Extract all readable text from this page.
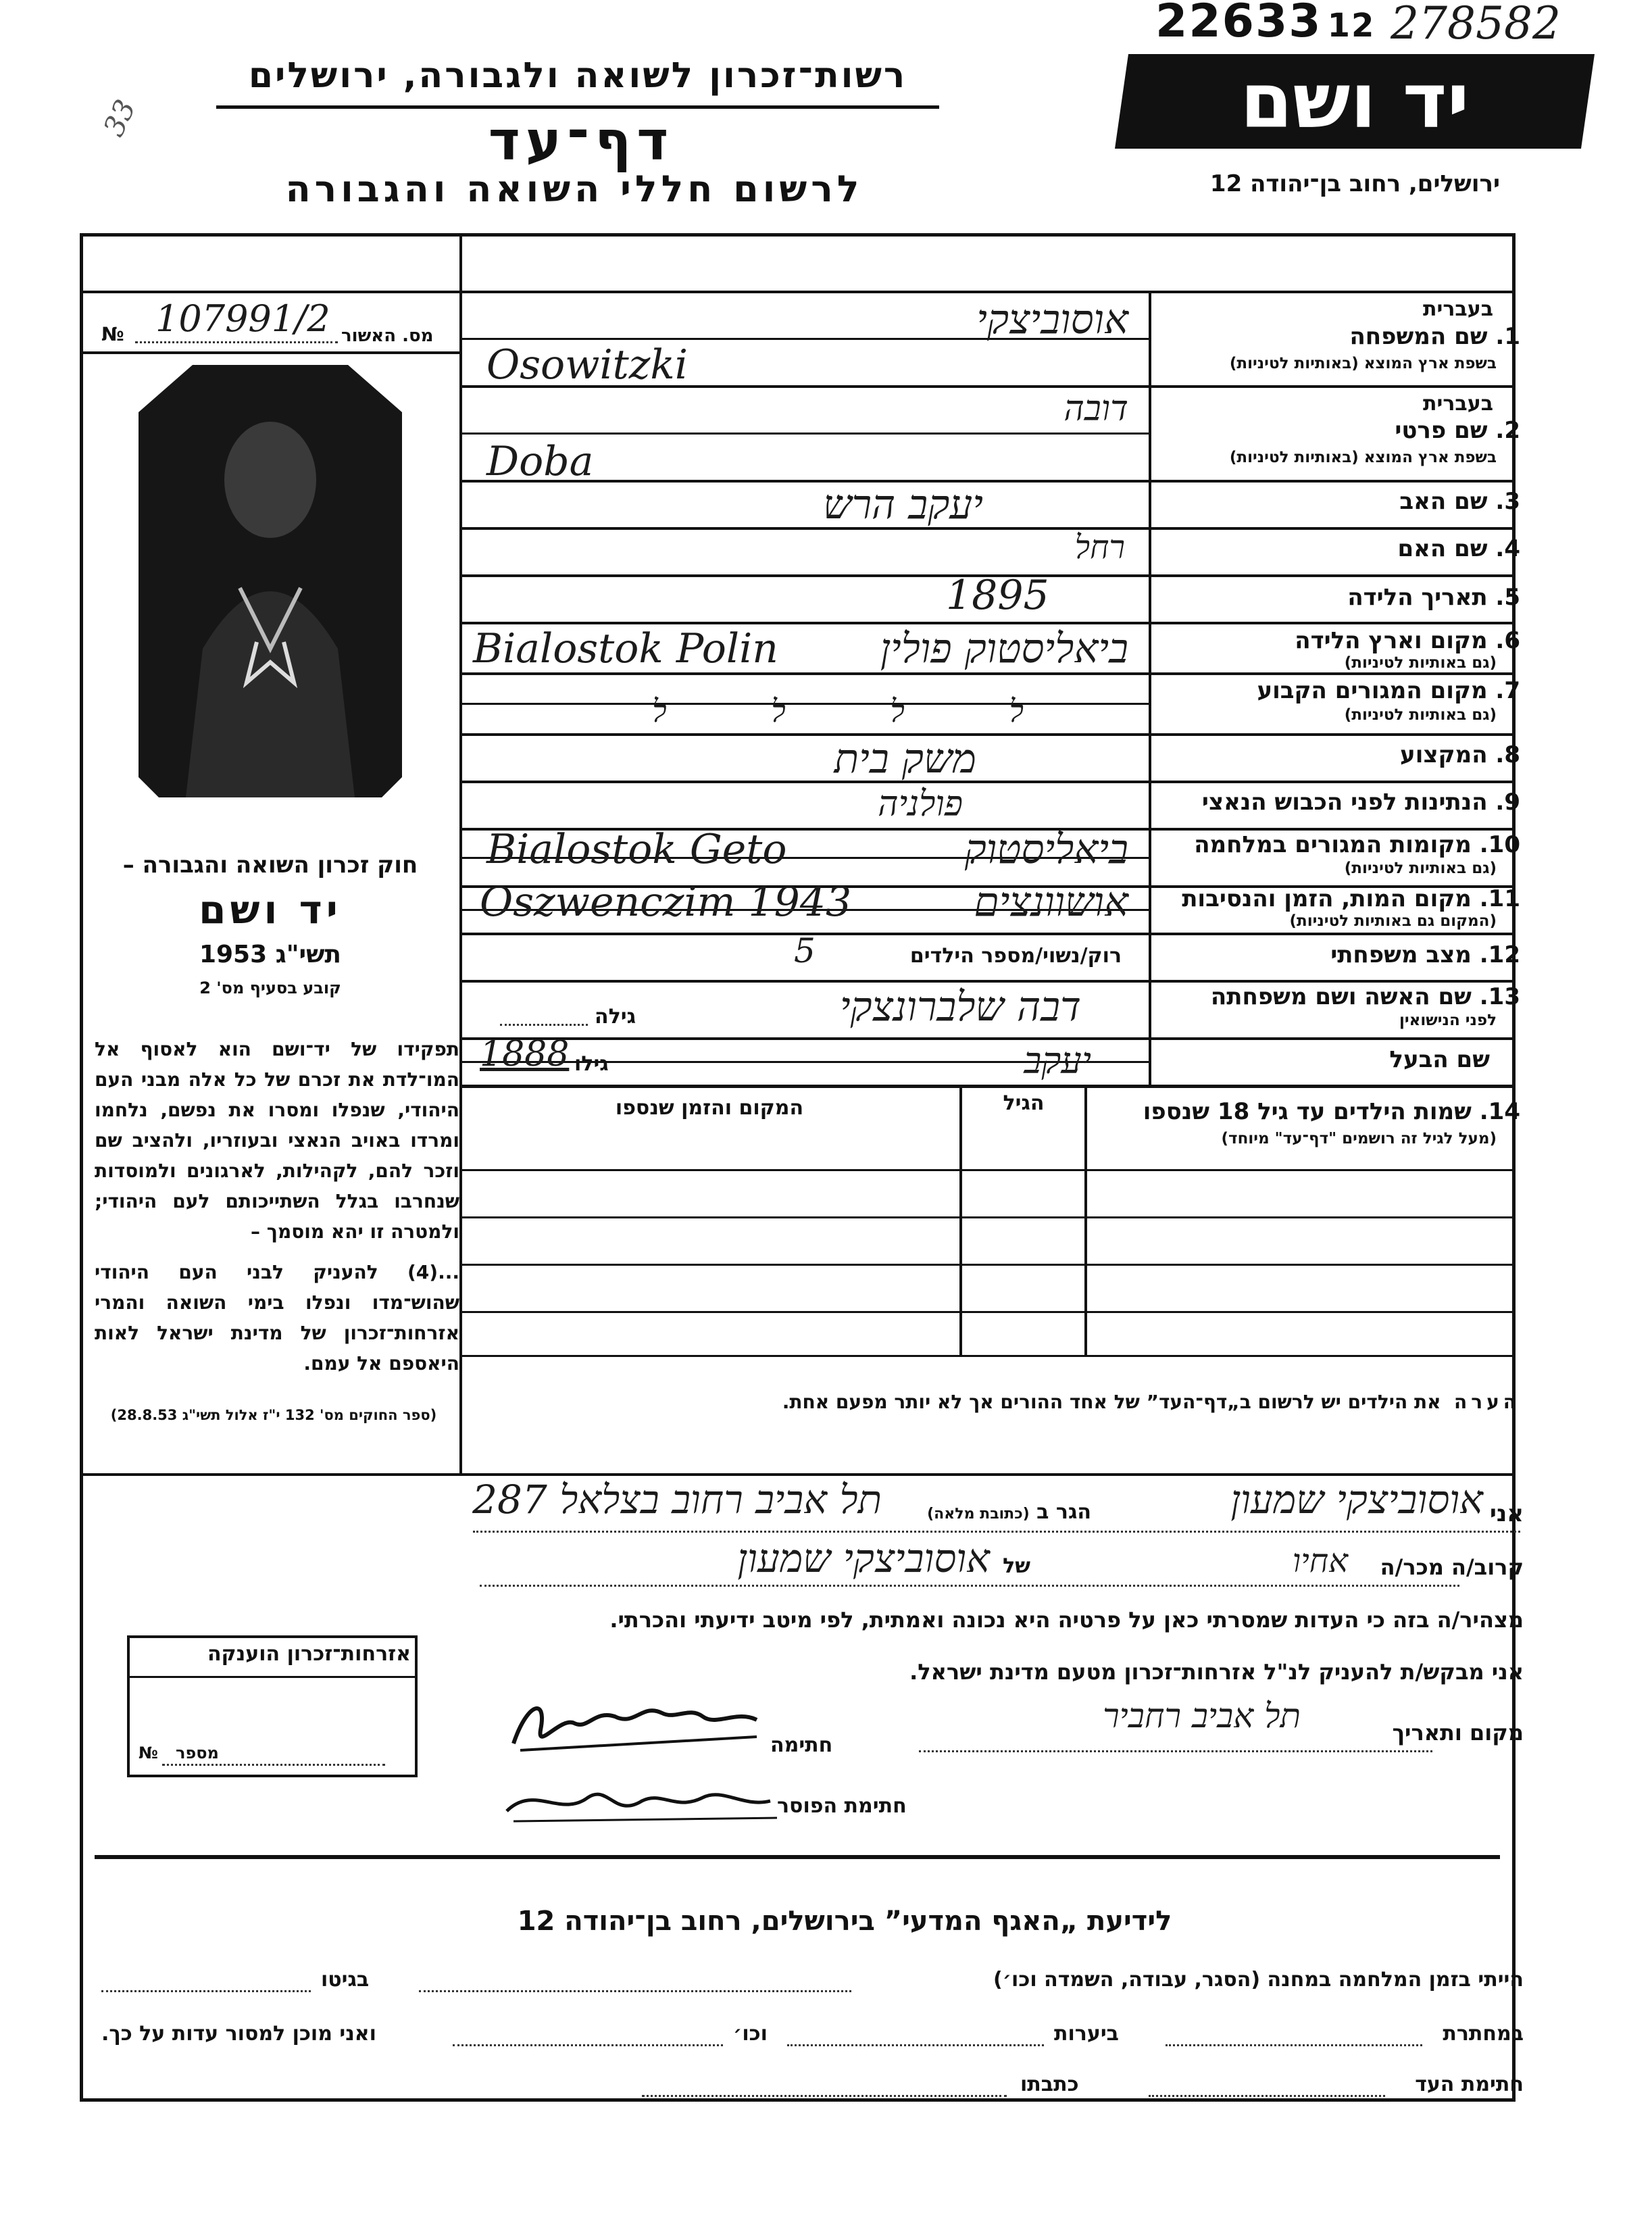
22633 12 278582
33
רשות־זכרון לשואה ולגבורה, ירושלים
דף־עד
לרשום חללי השואה והגבורה	ירושלים, רחוב בן־יהודה 12
יד ושם
№ 107991/2 מס. האשור
חוק זכרון השואה והגבורה –
יד ושם
תשי"ג 1953
קובע בסעיף מס' 2
תפקידו של יד־ושם הוא לאסוף אל המו־לדת את זכרם של כל אלה מבני העם היהודי, שנפלו ומסרו את נפשם, נלחמו ומרדו באויב הנאצי ובעוזריו, ולהציב שם וזכר להם, לקהילות, לארגונים ולמוסדות שנחרבו בגלל השתייכותם לעם היהודי; ולמטרה זו יהא מוסמך –
...(4) להעניק לבני העם היהודי שהוש־מדו ונפלו בימי השואה והמרי אזרחות־זכרון של מדינת ישראל לאות היאספם אל עמם.
(ספר החוקים מס' 132 י"ז אלול תשי"ג 28.8.53)
אזרחות־זכרון הוענקה
מספר
№
בעברית
1. שם המשפחה
בשפת ארץ המוצא (באותיות לטיניות)
אוסוביצקי
Osowitzki
בעברית
2. שם פרטי
בשפת ארץ המוצא (באותיות לטיניות)
דובה
Doba
3. שם האב
יעקב הרש
4. שם האם
רחל
5. תאריך הלידה
1895
6. מקום וארץ הלידה
(גם באותיות לטיניות)
ביאליסטוק פולין
Bialostok Polin
7. מקום המגורים הקבוע
(גם באותיות לטיניות)
ל ל ל ל
8. המקצוע
משק בית
9. הנתינות לפני הכבוש הנאצי
פולניה
10. מקומות המגורים במלחמה
(גם באותיות לטיניות)
ביאליסטוק
Bialostok Geto
11. מקום המות, הזמן והנסיבות
(המקום גם באותיות לטיניות)
אושוונצים
Oszwenczim 1943
12. מצב משפחתי
רוק/נשוי/מספר הילדים
5
13. שם האשה ושם משפחתה
לפני הנישואין
גילה	דבה שלברונצקי
שם הבעל
גילו
1888	יעקב
14. שמות הילדים עד גיל 18 שנספו
(מעל לגיל זה רושמים "דף־עד" מיוחד)
הגיל
המקום והזמן שנספו
הערה  את הילדים יש לרשום ב„דף־העד” של אחד ההורים אך לא יותר מפעם אחת.
אני
אוסוביצקי שמעון
הגר ב (כתובת מלאה)
תל אביב רחוב בצלאל 287
קרוב/ה מכר/ה
אחיו
של
אוסוביצקי שמעון
מצהיר/ה בזה כי העדות שמסרתי כאן על פרטיה היא נכונה ואמתית, לפי מיטב ידיעתי והכרתי.
אני מבקש/ת להעניק לנ"ל אזרחות־זכרון מטעם מדינת ישראל.
מקום ותאריך
תל אביב רחביר
חתימה
חתימת הפוסר
לידיעת „האגף המדעי” בירושלים, רחוב בן־יהודה 12
הייתי בזמן המלחמה במחנה (הסגר, עבודה, השמדה וכו׳)
בגיטו
במחתרת
ביערות
וכו׳
ואני מוכן למסור עדות על כך.
חתימת העד
כתבתו
